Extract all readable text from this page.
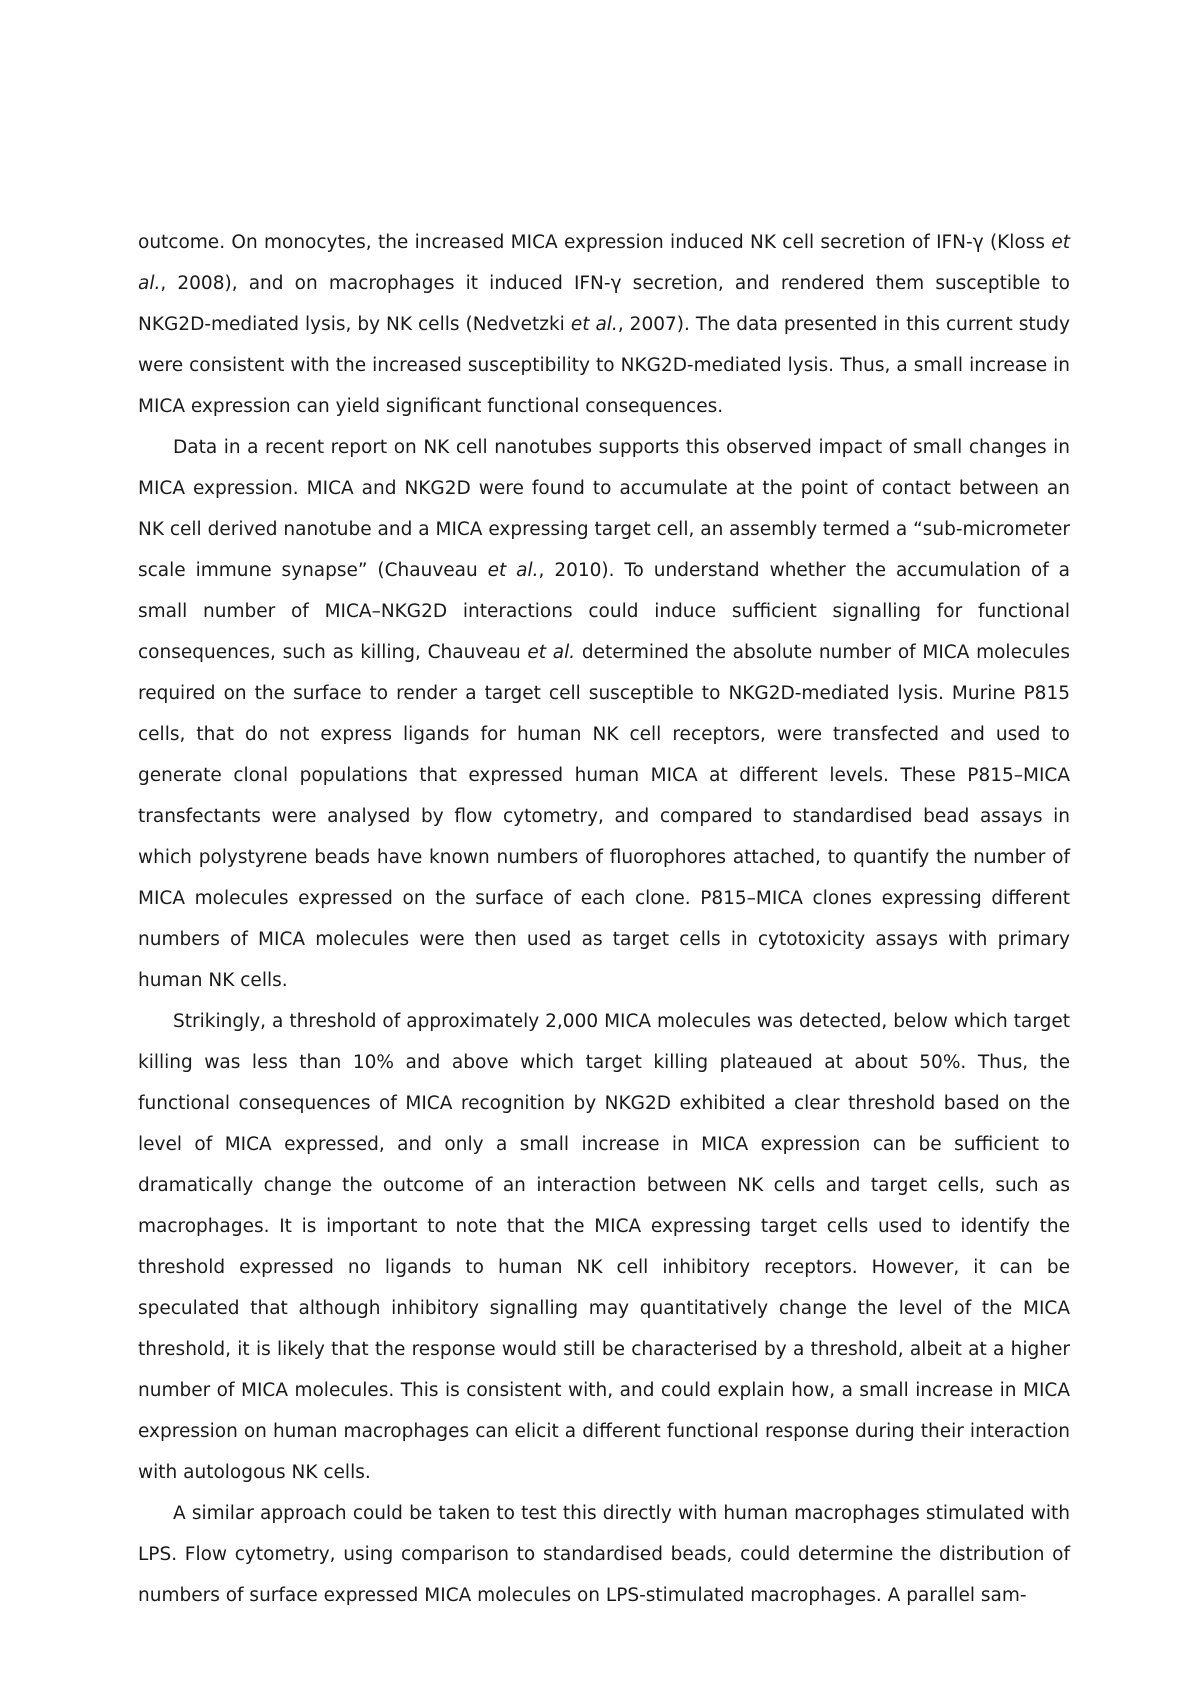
outcome. On monocytes, the increased MICA expression induced NK cell secretion of IFN-γ (Kloss et al., 2008), and on macrophages it induced IFN-γ secretion, and rendered them susceptible to NKG2D-mediated lysis, by NK cells (Nedvetzki et al., 2007). The data presented in this current study were consistent with the increased susceptibility to NKG2D-mediated lysis. Thus, a small increase in MICA expression can yield significant functional consequences.

Data in a recent report on NK cell nanotubes supports this observed impact of small changes in MICA expression. MICA and NKG2D were found to accumulate at the point of contact between an NK cell derived nanotube and a MICA expressing target cell, an assembly termed a “sub-micrometer scale immune synapse” (Chauveau et al., 2010). To understand whether the accumulation of a small number of MICA–NKG2D interactions could induce sufficient signalling for functional consequences, such as killing, Chauveau et al. determined the absolute number of MICA molecules required on the surface to render a target cell susceptible to NKG2D-mediated lysis. Murine P815 cells, that do not express ligands for human NK cell receptors, were transfected and used to generate clonal populations that expressed human MICA at different levels. These P815–MICA transfectants were analysed by flow cytometry, and compared to standardised bead assays in which polystyrene beads have known numbers of fluorophores attached, to quantify the number of MICA molecules expressed on the surface of each clone. P815–MICA clones expressing different numbers of MICA molecules were then used as target cells in cytotoxicity assays with primary human NK cells.

Strikingly, a threshold of approximately 2,000 MICA molecules was detected, below which target killing was less than 10% and above which target killing plateaued at about 50%. Thus, the functional consequences of MICA recognition by NKG2D exhibited a clear threshold based on the level of MICA expressed, and only a small increase in MICA expression can be sufficient to dramatically change the outcome of an interaction between NK cells and target cells, such as macrophages. It is important to note that the MICA expressing target cells used to identify the threshold expressed no ligands to human NK cell inhibitory receptors. However, it can be speculated that although inhibitory signalling may quantitatively change the level of the MICA threshold, it is likely that the response would still be characterised by a threshold, albeit at a higher number of MICA molecules. This is consistent with, and could explain how, a small increase in MICA expression on human macrophages can elicit a different functional response during their interaction with autologous NK cells.

A similar approach could be taken to test this directly with human macrophages stimulated with LPS. Flow cytometry, using comparison to standardised beads, could determine the distribution of numbers of surface expressed MICA molecules on LPS-stimulated macrophages. A parallel sam-
